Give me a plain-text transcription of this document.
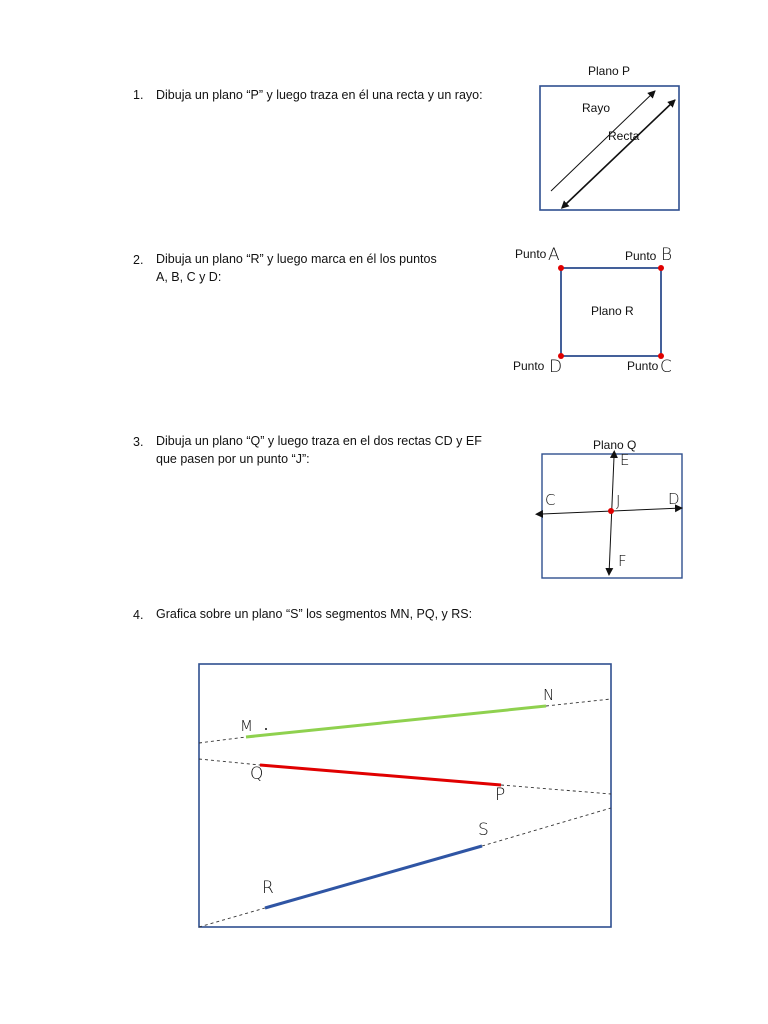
1. Dibuja un plano “P” y luego traza en él una recta y un rayo:
Plano P
Rayo
Recta
2. Dibuja un plano “R” y luego marca en él los puntos
A, B, C y D:
Plano R
Punto A	Punto B
Punto D	Punto C
3. Dibuja un plano “Q” y luego traza en el dos rectas CD y EF
que pasen por un punto “J”:
Plano Q
E
F
C	D
J
4. Grafica sobre un plano “S” los segmentos MN, PQ, y RS:
M
N
Q
P
R
S
